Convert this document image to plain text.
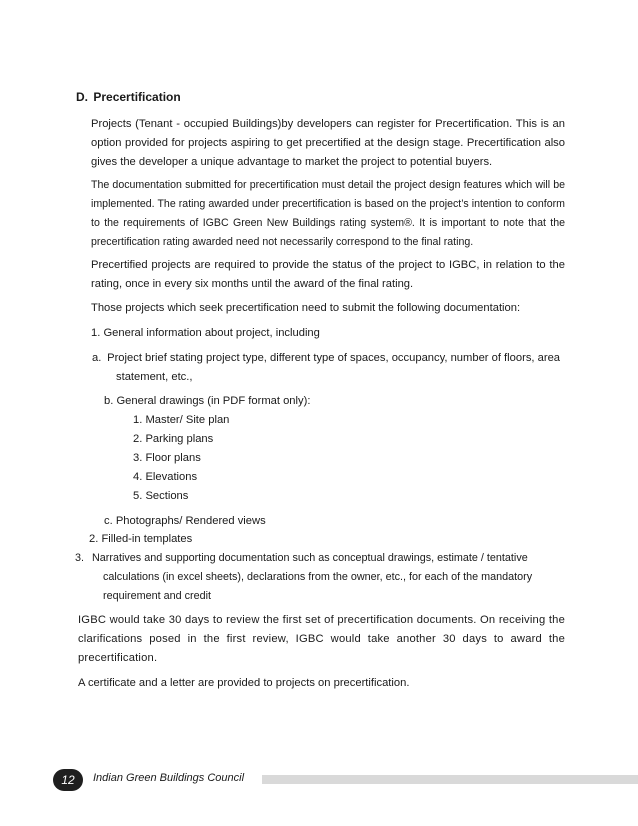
D. Precertification
Projects (Tenant - occupied Buildings)by developers can register for Precertification. This is an option provided for projects aspiring to get precertified at the design stage. Precertification also gives the developer a unique advantage to market the project to potential buyers.
The documentation submitted for precertification must detail the project design features which will be implemented. The rating awarded under precertification is based on the project’s intention to conform to the requirements of IGBC Green New Buildings rating system®. It is important to note that the precertification rating awarded need not necessarily correspond to the final rating.
Precertified projects are required to provide the status of the project to IGBC, in relation to the rating, once in every six months until the award of the final rating.
Those projects which seek precertification need to submit the following documentation:
1. General information about project, including
a. Project brief stating project type, different type of spaces, occupancy, number of floors, area statement, etc.,
b. General drawings (in PDF format only):
1. Master/ Site plan
2. Parking plans
3. Floor plans
4. Elevations
5. Sections
c. Photographs/ Rendered views
2. Filled-in templates
3. Narratives and supporting documentation such as conceptual drawings, estimate / tentative calculations (in excel sheets), declarations from the owner, etc., for each of the mandatory requirement and credit
IGBC would take 30 days to review the first set of precertification documents. On receiving the clarifications posed in the first review, IGBC would take another 30 days to award the precertification.
A certificate and a letter are provided to projects on precertification.
12	Indian Green Buildings Council
